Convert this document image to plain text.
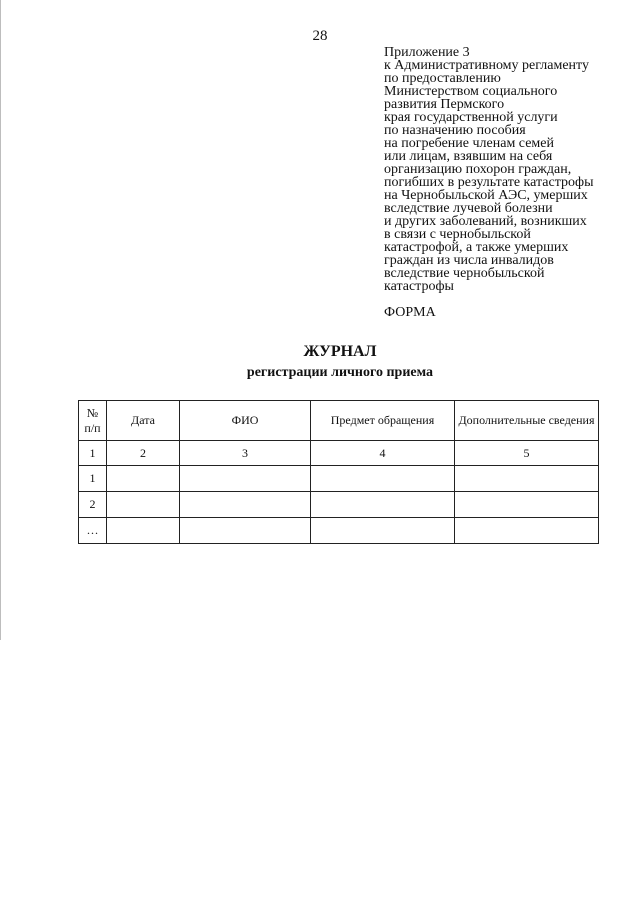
28
Приложение 3
к Административному регламенту
по предоставлению
Министерством социального
развития Пермского
края государственной услуги
по назначению пособия
на погребение членам семей
или лицам, взявшим на себя
организацию похорон граждан,
погибших в результате катастрофы
на Чернобыльской АЭС, умерших
вследствие лучевой болезни
и других заболеваний, возникших
в связи с чернобыльской
катастрофой, а также умерших
граждан из числа инвалидов
вследствие чернобыльской
катастрофы
ФОРМА
ЖУРНАЛ
регистрации личного приема
№ п/п	Дата	ФИО	Предмет обращения	Дополнительные сведения
1	2	3	4	5
1				
2				
…				
